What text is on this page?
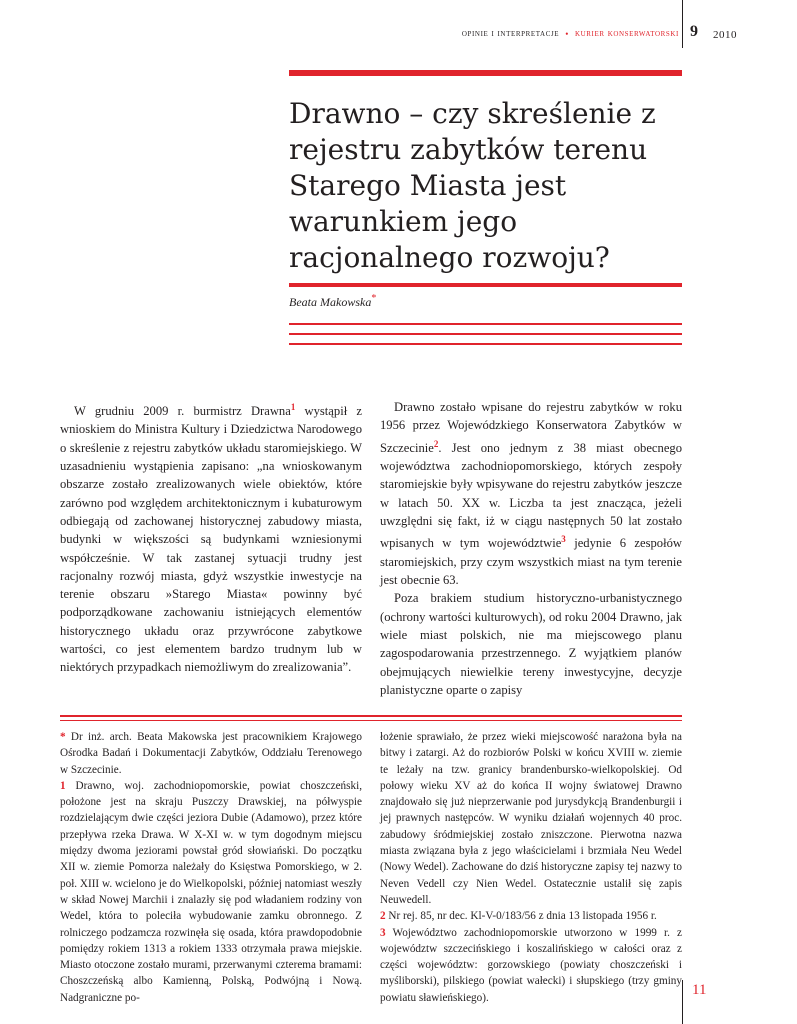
opinie i interpretacje • kurier konserwatorski 9 2010
Drawno – czy skreślenie z rejestru zabytków terenu Starego Miasta jest warunkiem jego racjonalnego rozwoju?
Beata Makowska*

W grudniu 2009 r. burmistrz Drawna$^1$ wystąpił z wnioskiem do Ministra Kultury i Dziedzictwa Narodowego o skreślenie z rejestru zabytków układu staromiejskiego. W uzasadnieniu wystąpienia zapisano: „na wnioskowanym obszarze zostało zrealizowanych wiele obiektów, które zarówno pod względem architektonicznym i kubaturowym odbiegają od zachowanej historycznej zabudowy miasta, budynki w większości są budynkami wzniesionymi współcześnie. W tak zastanej sytuacji trudny jest racjonalny rozwój miasta, gdyż wszystkie inwestycje na terenie obszaru »Starego Miasta« powinny być podporządkowane zachowaniu istniejących elementów historycznego układu oraz przywrócone zabytkowe wartości, co jest elementem bardzo trudnym lub w niektórych przypadkach niemożliwym do zrealizowania”.

Drawno zostało wpisane do rejestru zabytków w roku 1956 przez Wojewódzkiego Konserwatora Zabytków w Szczecinie$^2$. Jest ono jednym z 38 miast obecnego województwa zachodniopomorskiego, których zespoły staromiejskie były wpisywane do rejestru zabytków jeszcze w latach 50. XX w. Liczba ta jest znacząca, jeżeli uwzględni się fakt, iż w ciągu następnych 50 lat zostało wpisanych w tym województwie$^3$ jedynie 6 zespołów staromiejskich, przy czym wszystkich miast na tym terenie jest obecnie 63.

Poza brakiem studium historyczno-urbanistycznego (ochrony wartości kulturowych), od roku 2004 Drawno, jak wiele miast polskich, nie ma miejscowego planu zagospodarowania przestrzennego. Z wyjątkiem planów obejmujących niewielkie tereny inwestycyjne, decyzje planistyczne oparte o zapisy

* Dr inż. arch. Beata Makowska jest pracownikiem Krajowego Ośrodka Badań i Dokumentacji Zabytków, Oddziału Terenowego w Szczecinie.

1 Drawno, woj. zachodniopomorskie, powiat choszczeński, położone jest na skraju Puszczy Drawskiej, na półwyspie rozdzielającym dwie części jeziora Dubie (Adamowo), przez które przepływa rzeka Drawa. W X-XI w. w tym dogodnym miejscu między dwoma jeziorami powstał gród słowiański. Do początku XII w. ziemie Pomorza należały do Księstwa Pomorskiego, w 2. poł. XIII w. wcielono je do Wielkopolski, później natomiast weszły w skład Nowej Marchii i znalazły się pod władaniem rodziny von Wedel, która to poleciła wybudowanie zamku obronnego. Z rolniczego podzamcza rozwinęła się osada, która prawdopodobnie pomiędzy rokiem 1313 a rokiem 1333 otrzymała prawa miejskie. Miasto otoczone zostało murami, przerwanymi czterema bramami: Choszczeńską albo Kamienną, Polską, Podwójną i Nową. Nadgraniczne po-

łożenie sprawiało, że przez wieki miejscowość narażona była na bitwy i zatargi. Aż do rozbiorów Polski w końcu XVIII w. ziemie te leżały na tzw. granicy brandenbursko-wielkopolskiej. Od połowy wieku XV aż do końca II wojny światowej Drawno znajdowało się już nieprzerwanie pod jurysdykcją Brandenburgii i jej prawnych następców. W wyniku działań wojennych 40 proc. zabudowy śródmiejskiej zostało zniszczone. Pierwotna nazwa miasta związana była z jego właścicielami i brzmiała Neu Wedel (Nowy Wedel). Zachowane do dziś historyczne zapisy tej nazwy to Neven Vedell czy Nien Wedel. Ostatecznie ustalił się zapis Neuwedell.

2 Nr rej. 85, nr dec. Kl-V-0/183/56 z dnia 13 listopada 1956 r.

3 Województwo zachodniopomorskie utworzono w 1999 r. z województw szczecińskiego i koszalińskiego w całości oraz z części województw: gorzowskiego (powiaty choszczeński i myśliborski), pilskiego (powiat wałecki) i słupskiego (trzy gminy powiatu sławieńskiego).	11
